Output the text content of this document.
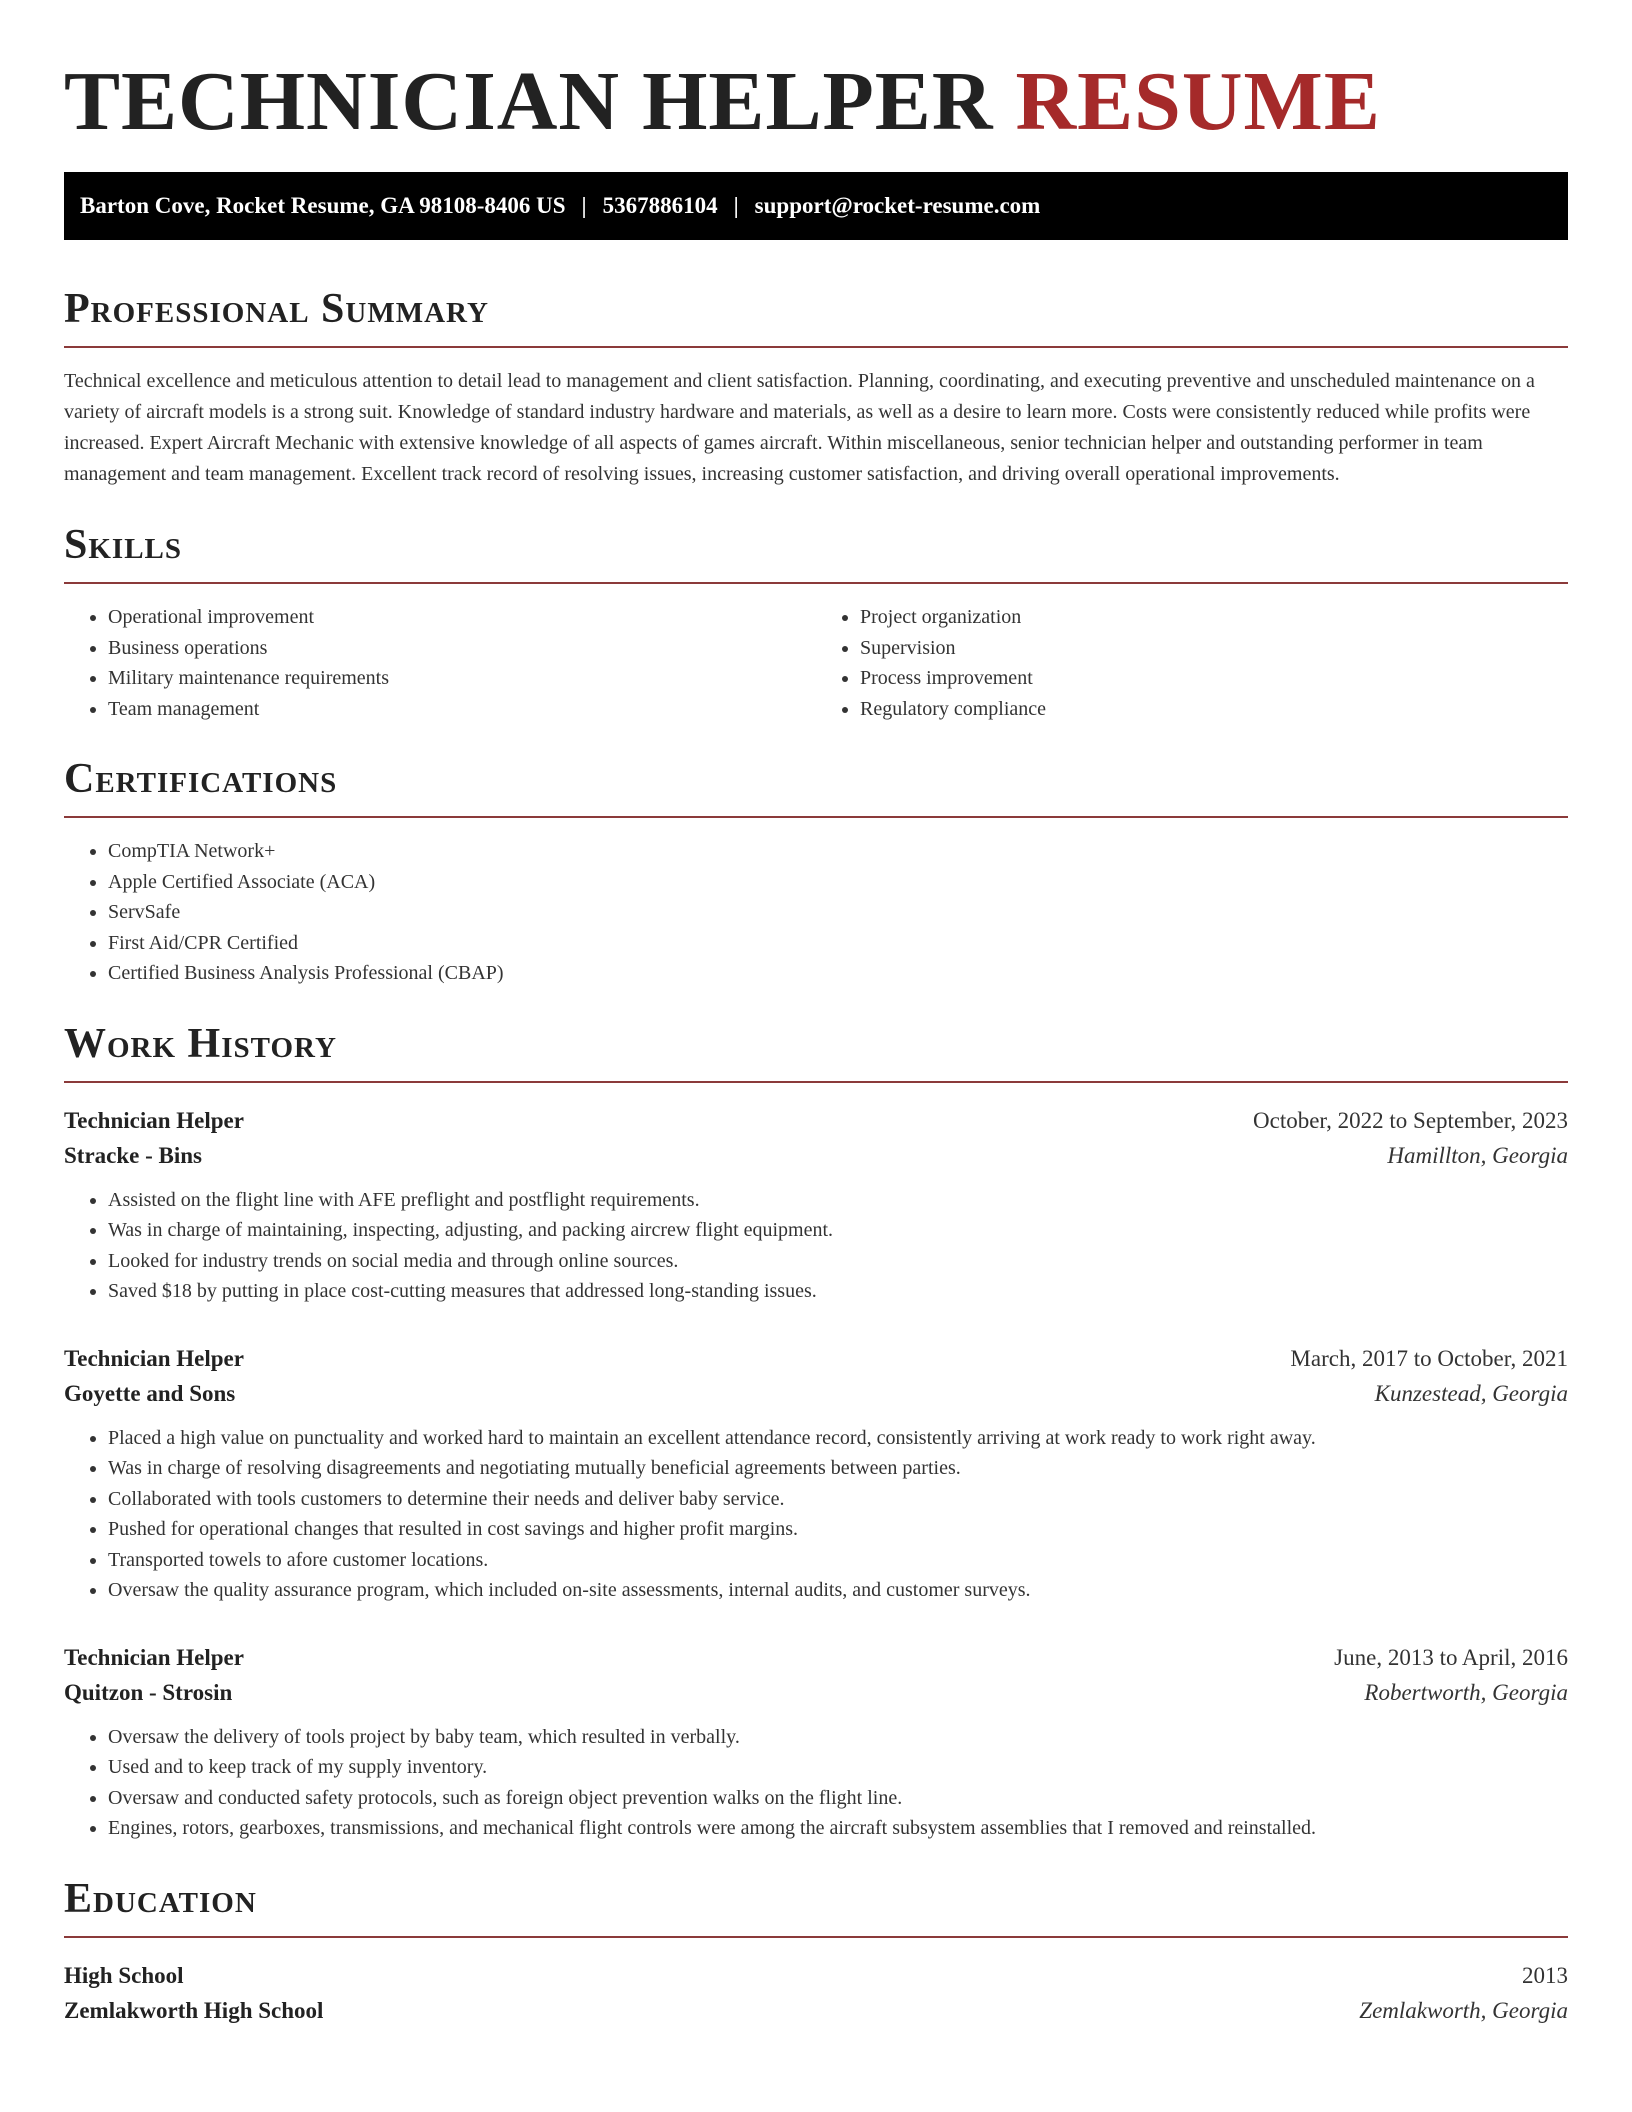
TECHNICIAN HELPER RESUME
Barton Cove, Rocket Resume, GA 98108-8406 US | 5367886104 | support@rocket-resume.com
Professional Summary

Technical excellence and meticulous attention to detail lead to management and client satisfaction. Planning, coordinating, and executing preventive and unscheduled maintenance on a variety of aircraft models is a strong suit. Knowledge of standard industry hardware and materials, as well as a desire to learn more. Costs were consistently reduced while profits were increased. Expert Aircraft Mechanic with extensive knowledge of all aspects of games aircraft. Within miscellaneous, senior technician helper and outstanding performer in team management and team management. Excellent track record of resolving issues, increasing customer satisfaction, and driving overall operational improvements.

Skills
• Operational improvement
• Business operations
• Military maintenance requirements
• Team management
• Project organization
• Supervision
• Process improvement
• Regulatory compliance
Certifications
• CompTIA Network+
• Apple Certified Associate (ACA)
• ServSafe
• First Aid/CPR Certified
• Certified Business Analysis Professional (CBAP)
Work History
Technician Helper	October, 2022 to September, 2023
Stracke - Bins	Hamillton, Georgia
• Assisted on the flight line with AFE preflight and postflight requirements.
• Was in charge of maintaining, inspecting, adjusting, and packing aircrew flight equipment.
• Looked for industry trends on social media and through online sources.
• Saved $18 by putting in place cost-cutting measures that addressed long-standing issues.
Technician Helper	March, 2017 to October, 2021
Goyette and Sons	Kunzestead, Georgia
• Placed a high value on punctuality and worked hard to maintain an excellent attendance record, consistently arriving at work ready to work right away.
• Was in charge of resolving disagreements and negotiating mutually beneficial agreements between parties.
• Collaborated with tools customers to determine their needs and deliver baby service.
• Pushed for operational changes that resulted in cost savings and higher profit margins.
• Transported towels to afore customer locations.
• Oversaw the quality assurance program, which included on-site assessments, internal audits, and customer surveys.
Technician Helper	June, 2013 to April, 2016
Quitzon - Strosin	Robertworth, Georgia
• Oversaw the delivery of tools project by baby team, which resulted in verbally.
• Used and to keep track of my supply inventory.
• Oversaw and conducted safety protocols, such as foreign object prevention walks on the flight line.
• Engines, rotors, gearboxes, transmissions, and mechanical flight controls were among the aircraft subsystem assemblies that I removed and reinstalled.
Education
High School	2013
Zemlakworth High School	Zemlakworth, Georgia
